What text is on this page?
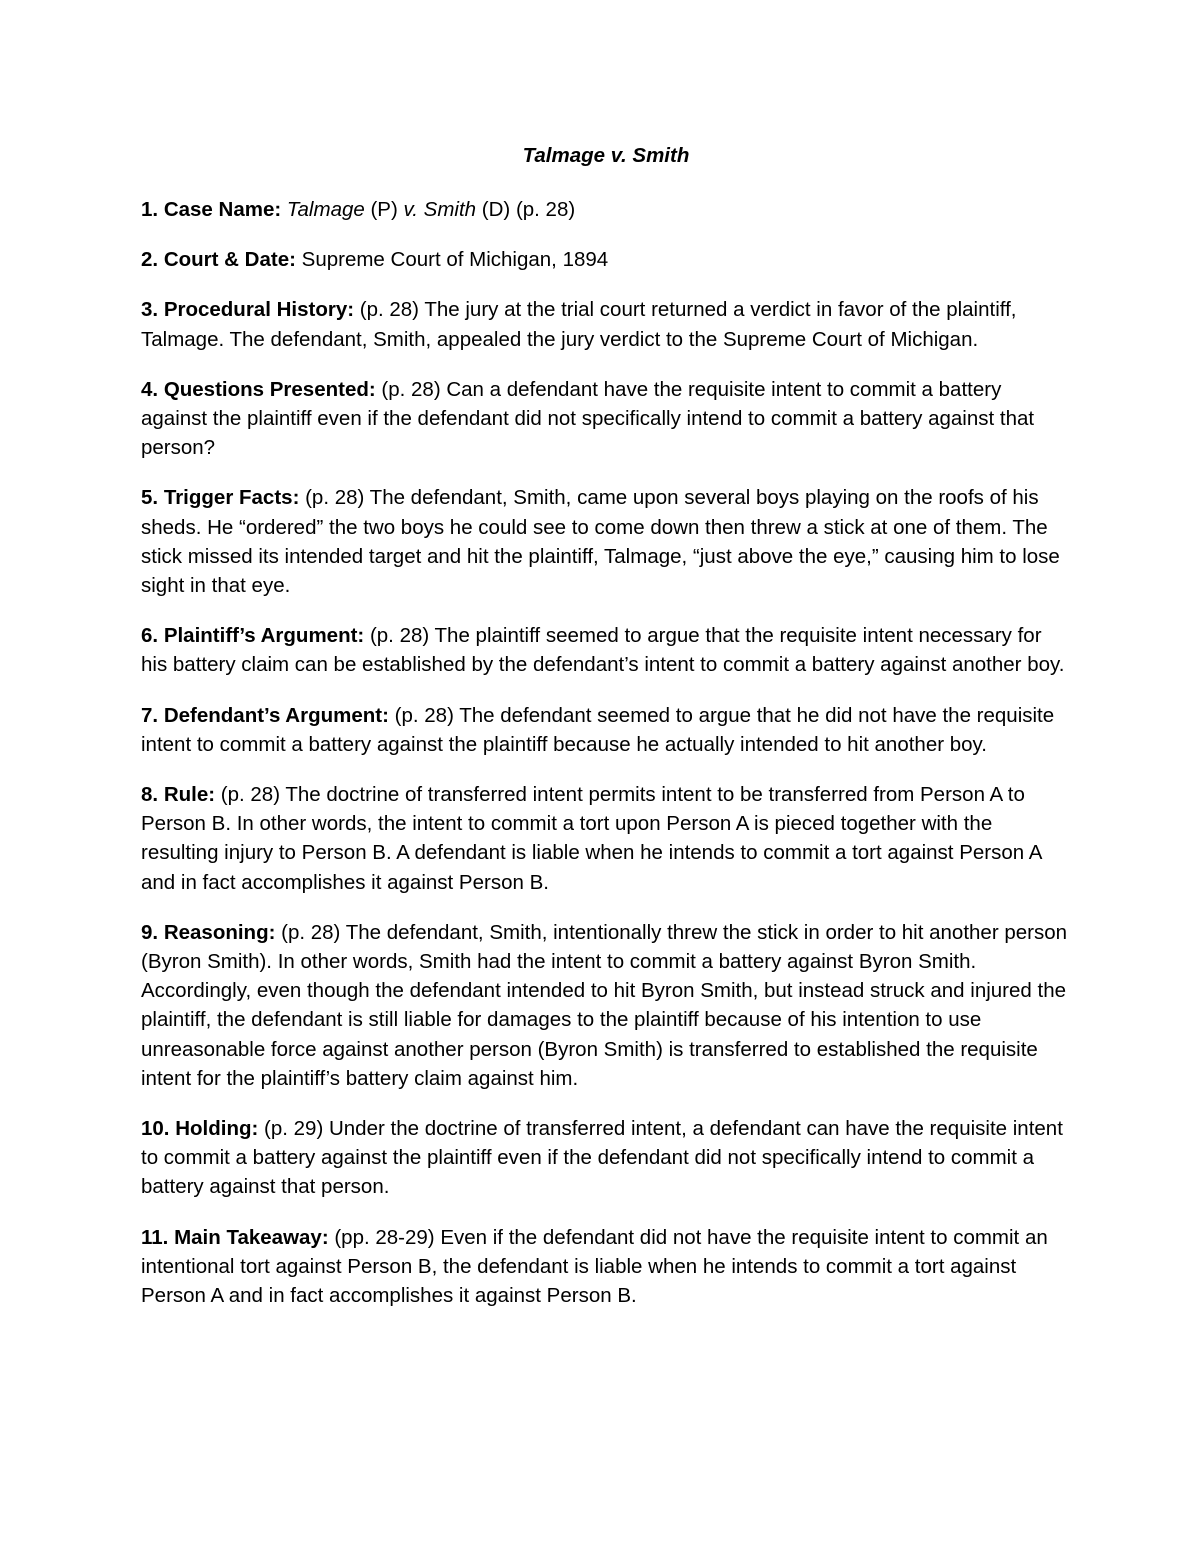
Talmage v. Smith

1. Case Name: Talmage (P) v. Smith (D) (p. 28)

2. Court & Date: Supreme Court of Michigan, 1894

3. Procedural History: (p. 28) The jury at the trial court returned a verdict in favor of the plaintiff, Talmage. The defendant, Smith, appealed the jury verdict to the Supreme Court of Michigan.

4. Questions Presented: (p. 28) Can a defendant have the requisite intent to commit a battery against the plaintiff even if the defendant did not specifically intend to commit a battery against that person?

5. Trigger Facts: (p. 28) The defendant, Smith, came upon several boys playing on the roofs of his sheds. He “ordered” the two boys he could see to come down then threw a stick at one of them. The stick missed its intended target and hit the plaintiff, Talmage, “just above the eye,” causing him to lose sight in that eye.

6. Plaintiff’s Argument: (p. 28) The plaintiff seemed to argue that the requisite intent necessary for his battery claim can be established by the defendant’s intent to commit a battery against another boy.

7. Defendant’s Argument: (p. 28) The defendant seemed to argue that he did not have the requisite intent to commit a battery against the plaintiff because he actually intended to hit another boy.

8. Rule: (p. 28) The doctrine of transferred intent permits intent to be transferred from Person A to Person B. In other words, the intent to commit a tort upon Person A is pieced together with the resulting injury to Person B. A defendant is liable when he intends to commit a tort against Person A and in fact accomplishes it against Person B.

9. Reasoning: (p. 28) The defendant, Smith, intentionally threw the stick in order to hit another person (Byron Smith). In other words, Smith had the intent to commit a battery against Byron Smith. Accordingly, even though the defendant intended to hit Byron Smith, but instead struck and injured the plaintiff, the defendant is still liable for damages to the plaintiff because of his intention to use unreasonable force against another person (Byron Smith) is transferred to established the requisite intent for the plaintiff’s battery claim against him.

10. Holding: (p. 29) Under the doctrine of transferred intent, a defendant can have the requisite intent to commit a battery against the plaintiff even if the defendant did not specifically intend to commit a battery against that person.

11. Main Takeaway: (pp. 28-29) Even if the defendant did not have the requisite intent to commit an intentional tort against Person B, the defendant is liable when he intends to commit a tort against Person A and in fact accomplishes it against Person B.
